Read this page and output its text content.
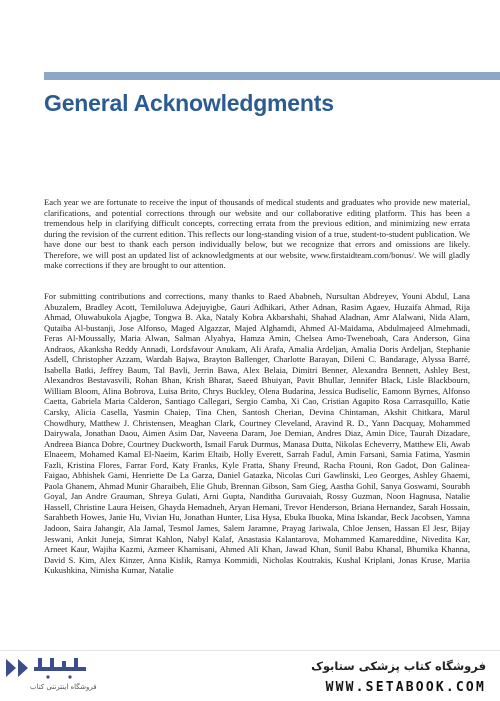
General Acknowledgments

Each year we are fortunate to receive the input of thousands of medical students and graduates who provide new material, clarifications, and potential corrections through our website and our collaborative editing platform. This has been a tremendous help in clarifying difficult concepts, correcting errata from the previous edition, and minimizing new errata during the revision of the current edition. This reflects our long-standing vision of a true, student-to-student publication. We have done our best to thank each person individually below, but we recognize that errors and omissions are likely. Therefore, we will post an updated list of acknowledgments at our website, www.firstaidteam.com/bonus/. We will gladly make corrections if they are brought to our attention.

For submitting contributions and corrections, many thanks to Raed Ababneh, Nursultan Abdreyev, Youni Abdul, Lana Abuzalem, Bradley Acott, Temiloluwa Adejuyigbe, Gauri Adhikari, Ather Adnan, Rasim Agaev, Huzaifa Ahmad, Rija Ahmad, Oluwabukola Ajagbe, Tongwa B. Aka, Nataly Kobra Akbarshahi, Shahad Aladnan, Amr Alalwani, Nida Alam, Qutaiba Al-bustanji, Jose Alfonso, Maged Algazzar, Majed Alghamdi, Ahmed Al-Maidama, Abdulmajeed Almehmadi, Feras Al-Moussally, Maria Alwan, Salman Alyahya, Hamza Amin, Chelsea Amo-Tweneboah, Cara Anderson, Gina Andraos, Akanksha Reddy Annadi, Lordsfavour Anukam, Ali Arafa, Amalia Ardeljan, Amalia Doris Ardeljan, Stephanie Asdell, Christopher Azzam, Wardah Bajwa, Brayton Ballenger, Charlotte Barayan, Dileni C. Bandarage, Alyssa Barré, Isabella Batki, Jeffrey Baum, Tal Bavli, Jerrin Bawa, Alex Belaia, Dimitri Benner, Alexandra Bennett, Ashley Best, Alexandros Bestavasvili, Rohan Bhan, Krish Bharat, Saeed Bhuiyan, Pavit Bhullar, Jennifer Black, Lisle Blackbourn, William Bloom, Alina Bobrova, Luisa Brito, Chrys Buckley, Olena Budarina, Jessica Budiselic, Eamonn Byrnes, Alfonso Caetta, Gabriela Maria Calderon, Santiago Callegari, Sergio Camba, Xi Cao, Cristian Agapito Rosa Carrasquillo, Katie Carsky, Alicia Casella, Yasmin Chaiep, Tina Chen, Santosh Cherian, Devina Chintaman, Akshit Chitkara, Marul Chowdhury, Matthew J. Christensen, Meaghan Clark, Courtney Cleveland, Aravind R. D., Yann Dacquay, Mohammed Dairywala, Jonathan Daou, Aimen Asim Dar, Naveena Daram, Joe Demian, Andres Diaz, Amin Dice, Taurah Dizadare, Andreea Bianca Dobre, Courtney Duckworth, Ismail Faruk Durmus, Manasa Dutta, Nikolas Echeverry, Matthew Eli, Awab Elnaeem, Mohamed Kamal El-Naeim, Karim Eltaib, Holly Everett, Sarrah Fadul, Amin Farsani, Samia Fatima, Yasmin Fazli, Kristina Flores, Farrar Ford, Katy Franks, Kyle Fratta, Shany Freund, Racha Ftouni, Ron Gadot, Don Galinea-Faigao, Abhishek Gami, Henriette De La Garza, Daniel Gatazka, Nicolas Curi Gawlinski, Leo Georges, Ashley Ghaemi, Paola Ghanem, Ahmad Munir Gharaibeh, Elie Ghub, Brennan Gibson, Sam Gieg, Aastha Gohil, Sanya Goswami, Sourabh Goyal, Jan Andre Grauman, Shreya Gulati, Arni Gupta, Nanditha Guruvaiah, Rossy Guzman, Noon Hagnusa, Natalie Hassell, Christine Laura Heisen, Ghayda Hemadneh, Aryan Hemani, Trevor Henderson, Briana Hernandez, Sarah Hossain, Sarahbeth Howes, Janie Hu, Vivian Hu, Jonathan Hunter, Lisa Hysa, Ebuka Ibuoka, Mina Iskandar, Beck Jacobsen, Yamna Jadoon, Saira Jahangir, Ala Jamal, Tesmol James, Salem Jaramne, Prayag Jariwala, Chloe Jensen, Hassan El Jesr, Bijay Jeswani, Ankit Juneja, Simrat Kahlon, Nabyl Kalaf, Anastasia Kalantarova, Mohammed Kamareddine, Nivedita Kar, Arneet Kaur, Wajiha Kazmi, Azmeer Khamisani, Ahmed Ali Khan, Jawad Khan, Sunil Babu Khanal, Bhumika Khanna, David S. Kim, Alex Kinzer, Anna Kislik, Ramya Kommidi, Nicholas Koutrakis, Kushal Kriplani, Jonas Kruse, Mariia Kukushkina, Nimisha Kumar, Natalie

فروشگاه اینترنتی کتاب
فروشگاه کتاب پزشکی ستابوک
WWW.SETABOOK.COM
